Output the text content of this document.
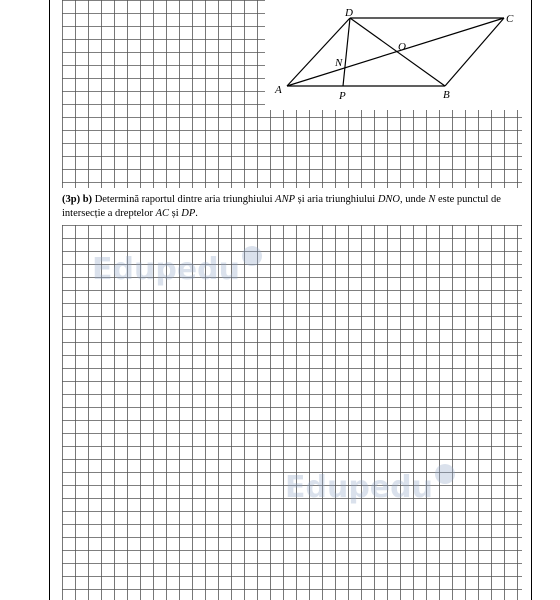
A	B
C
D
O
N
P
(3p) b) Determină raportul dintre aria triunghiului ANP și aria triunghiului DNO, unde N este punctul de intersecție a dreptelor AC și DP.
Edupedu
Edupedu
